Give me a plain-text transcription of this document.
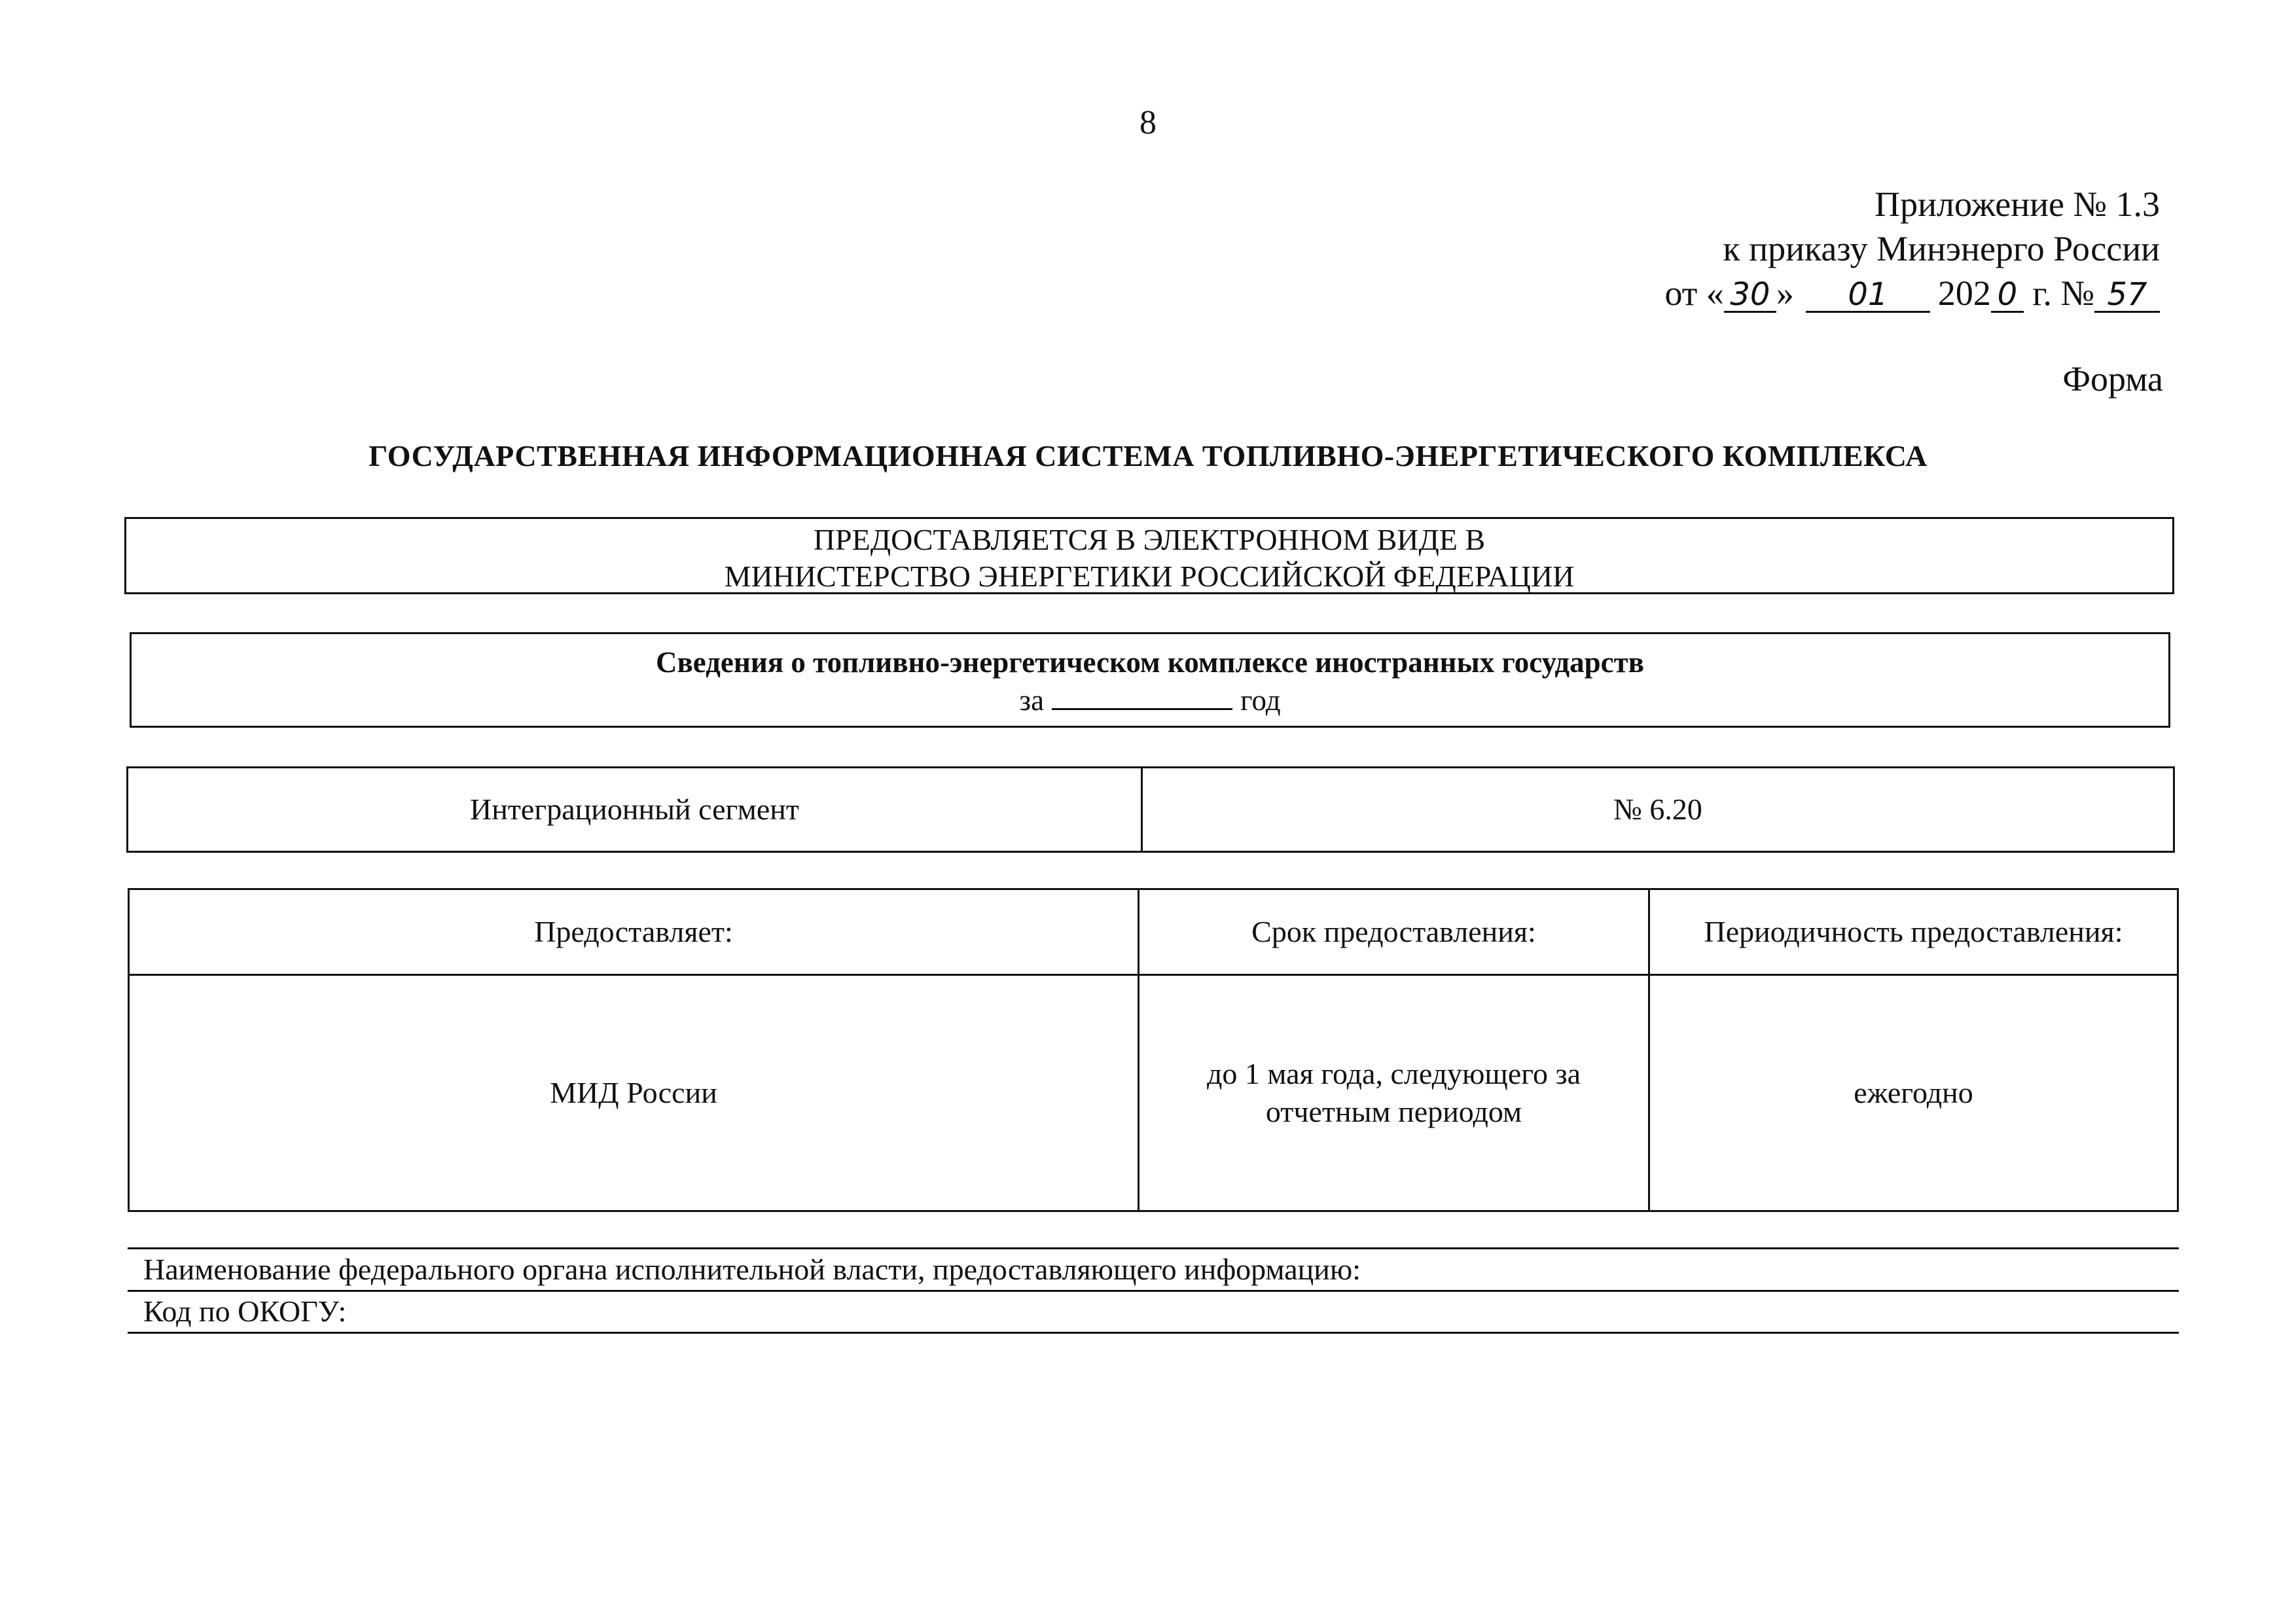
8
Приложение № 1.3
к приказу Минэнерго России
от « 30 » 01 202 0 г. № 57
Форма
ГОСУДАРСТВЕННАЯ ИНФОРМАЦИОННАЯ СИСТЕМА ТОПЛИВНО-ЭНЕРГЕТИЧЕСКОГО КОМПЛЕКСА
ПРЕДОСТАВЛЯЕТСЯ В ЭЛЕКТРОННОМ ВИДЕ В
МИНИСТЕРСТВО ЭНЕРГЕТИКИ РОССИЙСКОЙ ФЕДЕРАЦИИ
Сведения о топливно-энергетическом комплексе иностранных государств
за	год
Интеграционный сегмент	№ 6.20
Предоставляет:	Срок предоставления:	Периодичность предоставления:
МИД России	до 1 мая года, следующего за отчетным периодом	ежегодно
Наименование федерального органа исполнительной власти, предоставляющего информацию:
Код по ОКОГУ:
